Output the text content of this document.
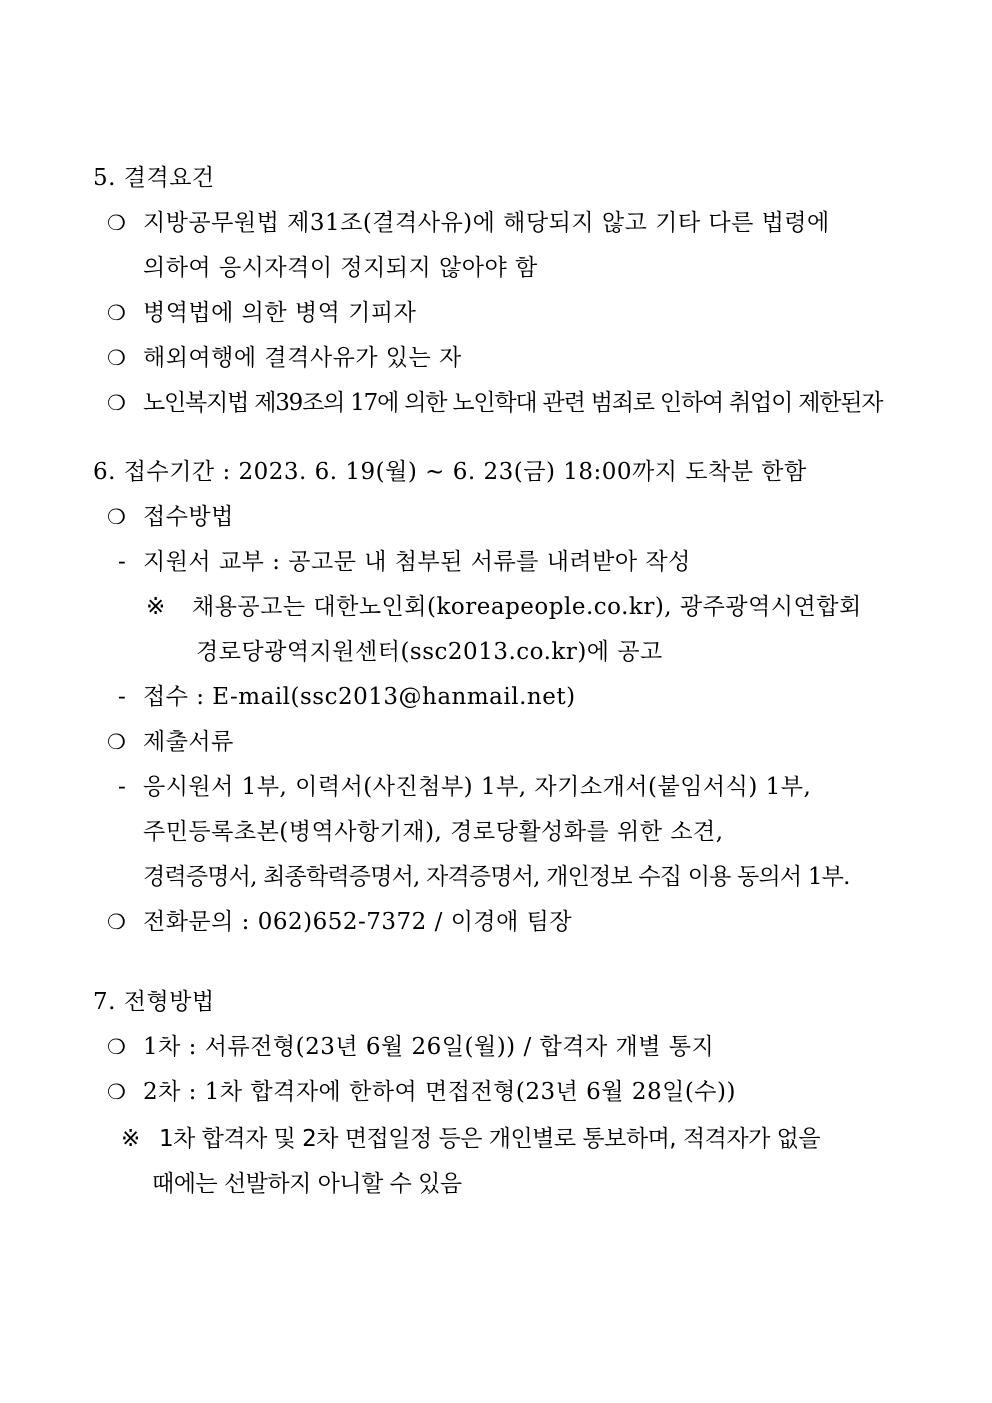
5. 결격요건
❍ 지방공무원법 제31조(결격사유)에 해당되지 않고 기타 다른 법령에
의하여 응시자격이 정지되지 않아야 함
❍ 병역법에 의한 병역 기피자
❍ 해외여행에 결격사유가 있는 자
❍ 노인복지법 제39조의 17에 의한 노인학대 관련 범죄로 인하여 취업이 제한된자
6. 접수기간 : 2023. 6. 19(월) ∼ 6. 23(금) 18:00까지 도착분 한함
❍ 접수방법
- 지원서 교부 : 공고문 내 첨부된 서류를 내려받아 작성
※ 채용공고는 대한노인회(koreapeople.co.kr), 광주광역시연합회
경로당광역지원센터(ssc2013.co.kr)에 공고
- 접수 : E-mail(ssc2013@hanmail.net)
❍ 제출서류
- 응시원서 1부, 이력서(사진첨부) 1부, 자기소개서(붙임서식) 1부,
주민등록초본(병역사항기재), 경로당활성화를 위한 소견,
경력증명서, 최종학력증명서, 자격증명서, 개인정보 수집 이용 동의서 1부.
❍ 전화문의 : 062)652-7372 / 이경애 팀장
7. 전형방법
❍ 1차 : 서류전형(23년 6월 26일(월)) / 합격자 개별 통지
❍ 2차 : 1차 합격자에 한하여 면접전형(23년 6월 28일(수))
※ 1차 합격자 및 2차 면접일정 등은 개인별로 통보하며, 적격자가 없을
때에는 선발하지 아니할 수 있음
